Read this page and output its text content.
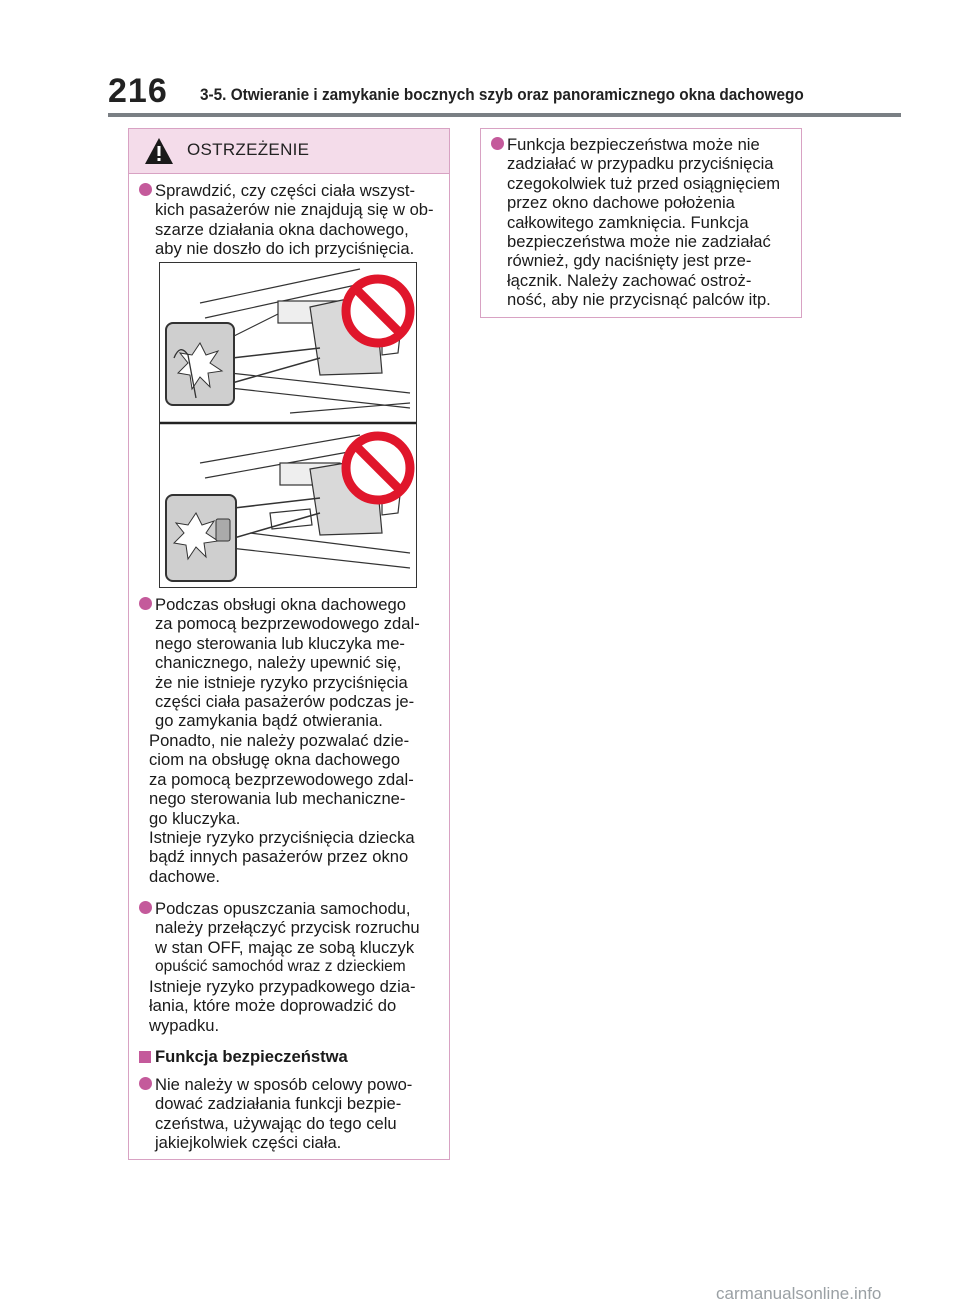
216 3-5. Otwieranie i zamykanie bocznych szyb oraz panoramicznego okna dachowego
OSTRZEŻENIE
Sprawdzić, czy części ciała wszyst-
kich pasażerów nie znajdują się w ob-
szarze działania okna dachowego,
aby nie doszło do ich przyciśnięcia.
Podczas obsługi okna dachowego
za pomocą bezprzewodowego zdal-
nego sterowania lub kluczyka me-
chanicznego, należy upewnić się,
że nie istnieje ryzyko przyciśnięcia
części ciała pasażerów podczas je-
go zamykania bądź otwierania.
Ponadto, nie należy pozwalać dzie-
ciom na obsługę okna dachowego
za pomocą bezprzewodowego zdal-
nego sterowania lub mechaniczne-
go kluczyka.
Istnieje ryzyko przyciśnięcia dziecka
bądź innych pasażerów przez okno
dachowe.
Podczas opuszczania samochodu,
należy przełączyć przycisk rozruchu
w stan OFF, mając ze sobą kluczyk
opuścić samochód wraz z dzieckiem
Istnieje ryzyko przypadkowego dzia-
łania, które może doprowadzić do
wypadku.
Funkcja bezpieczeństwa
Nie należy w sposób celowy powo-
dować zadziałania funkcji bezpie-
czeństwa, używając do tego celu
jakiejkolwiek części ciała.
Funkcja bezpieczeństwa może nie
zadziałać w przypadku przyciśnięcia
czegokolwiek tuż przed osiągnięciem
przez okno dachowe położenia
całkowitego zamknięcia. Funkcja
bezpieczeństwa może nie zadziałać
również, gdy naciśnięty jest prze-
łącznik. Należy zachować ostroż-
ność, aby nie przycisnąć palców itp.
carmanualsonline.info
